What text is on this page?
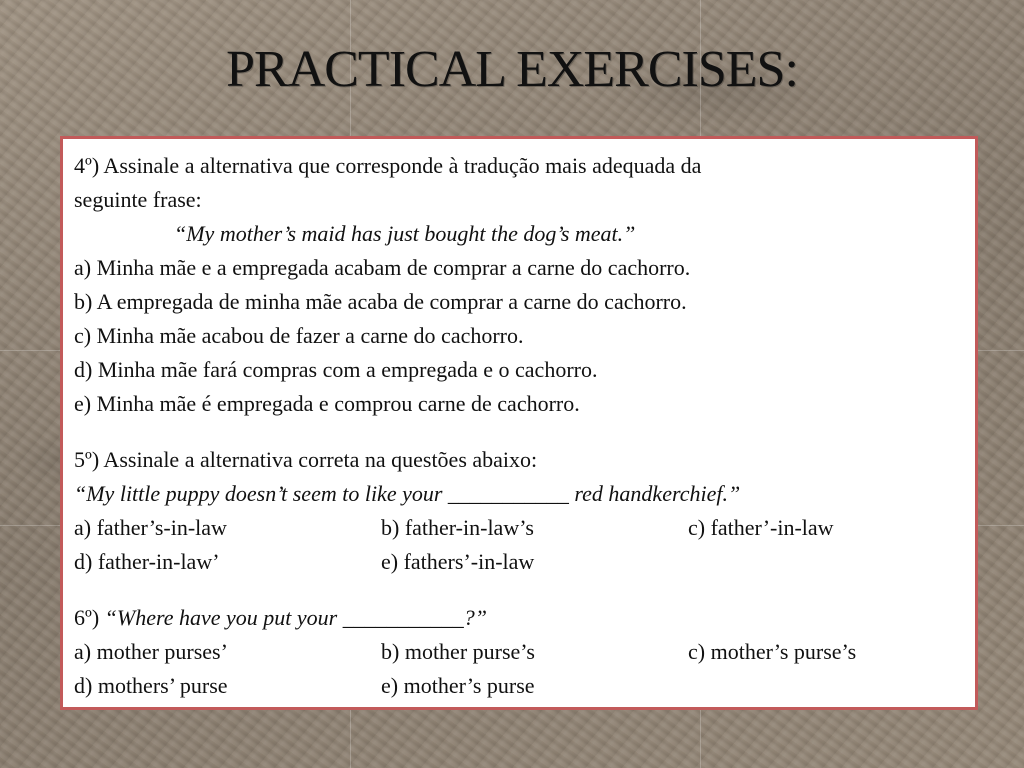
PRACTICAL EXERCISES:
4º) Assinale a alternativa que corresponde à tradução mais adequada da
seguinte frase:
“My mother’s maid has just bought the dog’s meat.”
a) Minha mãe e a empregada acabam de comprar a carne do cachorro.
b) A empregada de minha mãe acaba de comprar a carne do cachorro.
c) Minha mãe acabou de fazer a carne do cachorro.
d) Minha mãe fará compras com a empregada e o cachorro.
e) Minha mãe é empregada e comprou carne de cachorro.
5º) Assinale a alternativa correta na questões abaixo:
“My little puppy doesn’t seem to like your ___________ red handkerchief.”
a) father’s-in-law	b) father-in-law’s	c) father’-in-law
d) father-in-law’	e) fathers’-in-law
6º) “Where have you put your ___________?”
a) mother purses’	b) mother purse’s	c) mother’s purse’s
d) mothers’ purse	e) mother’s purse
